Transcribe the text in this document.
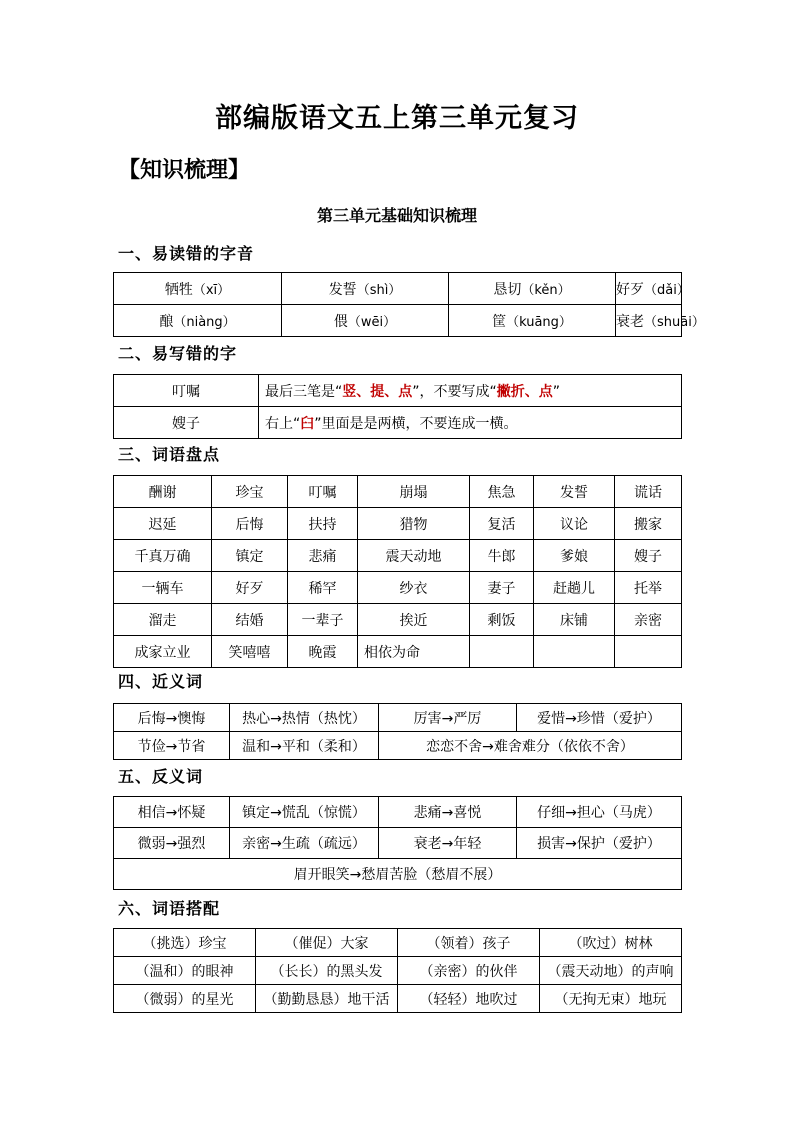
部编版语文五上第三单元复习
【知识梳理】
第三单元基础知识梳理
一、易读错的字音
牺牲（xī）	发誓（shì）	恳切（kěn）	好歹（dǎi）
酿（niàng）	偎（wēi）	筐（kuāng）	衰老（shuāi）
二、易写错的字
叮嘱	最后三笔是“竖、提、点”，不要写成“撇折、点”
嫂子	右上“臼”里面是是两横，不要连成一横。
三、词语盘点
酬谢	珍宝	叮嘱	崩塌	焦急	发誓	谎话
迟延	后悔	扶持	猎物	复活	议论	搬家
千真万确	镇定	悲痛	震天动地	牛郎	爹娘	嫂子
一辆车	好歹	稀罕	纱衣	妻子	赶趟儿	托举
溜走	结婚	一辈子	挨近	剩饭	床铺	亲密
成家立业	笑嘻嘻	晚霞	相依为命			
四、近义词
后悔→懊悔	热心→热情（热忱）	厉害→严厉	爱惜→珍惜（爱护）
节俭→节省	温和→平和（柔和）	恋恋不舍→难舍难分（依依不舍）	
五、反义词
相信→怀疑	镇定→慌乱（惊慌）	悲痛→喜悦	仔细→担心（马虎）
微弱→强烈	亲密→生疏（疏远）	衰老→年轻	损害→保护（爱护）
眉开眼笑→愁眉苦脸（愁眉不展）			
六、词语搭配
（挑选）珍宝	（催促）大家	（领着）孩子	（吹过）树林
（温和）的眼神	（长长）的黑头发	（亲密）的伙伴	（震天动地）的声响
（微弱）的星光	（勤勤恳恳）地干活	（轻轻）地吹过	（无拘无束）地玩
